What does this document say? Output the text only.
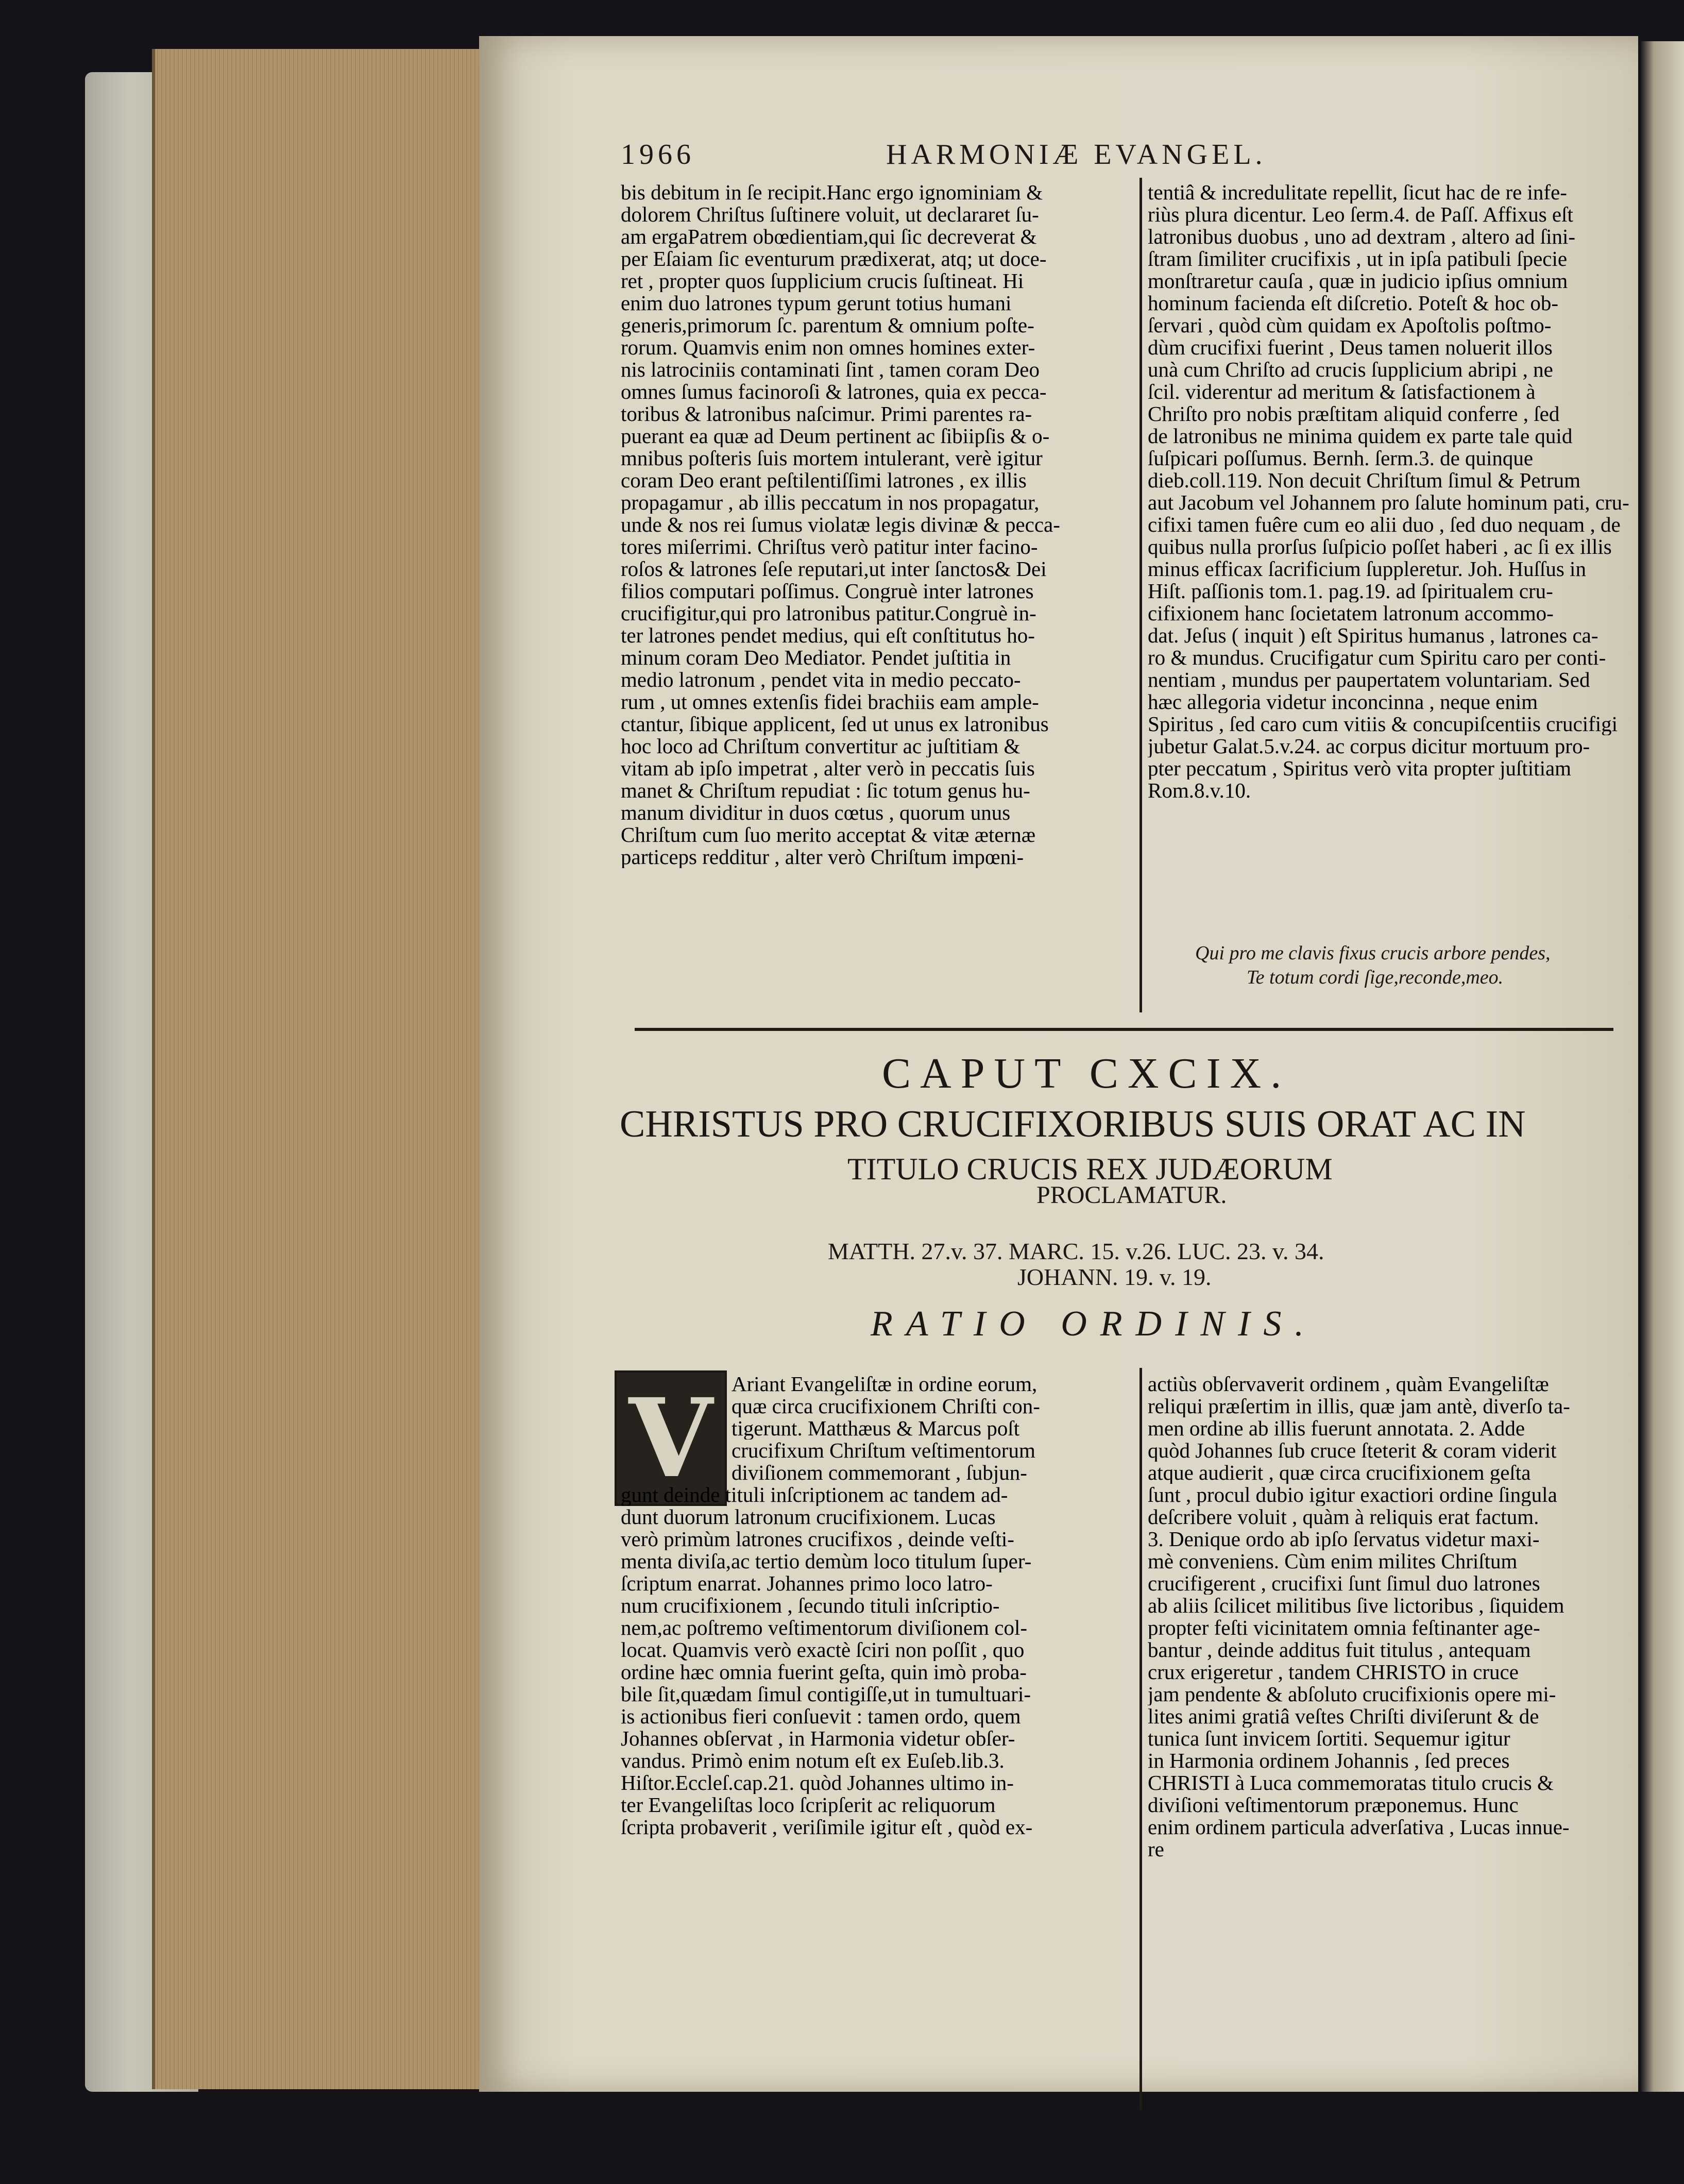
1966	HARMONIÆ EVANGEL.
bis debitum in ſe recipit.Hanc ergo ignominiam &
dolorem Chriſtus ſuſtinere voluit, ut declararet ſu-
am ergaPatrem obœdientiam,qui ſic decreverat &
per Eſaiam ſic eventurum prædixerat, atq; ut doce-
ret , propter quos ſupplicium crucis ſuſtineat. Hi
enim duo latrones typum gerunt totius humani
generis,primorum ſc. parentum & omnium poſte-
rorum. Quamvis enim non omnes homines exter-
nis latrociniis contaminati ſint , tamen coram Deo
omnes ſumus facinoroſi & latrones, quia ex pecca-
toribus & latronibus naſcimur. Primi parentes ra-
puerant ea quæ ad Deum pertinent ac ſibiipſis & o-
mnibus poſteris ſuis mortem intulerant, verè igitur
coram Deo erant peſtilentiſſimi latrones , ex illis
propagamur , ab illis peccatum in nos propagatur,
unde & nos rei ſumus violatæ legis divinæ & pecca-
tores miſerrimi. Chriſtus verò patitur inter facino-
roſos & latrones ſeſe reputari,ut inter ſanctos& Dei
filios computari poſſimus. Congruè inter latrones
crucifigitur,qui pro latronibus patitur.Congruè in-
ter latrones pendet medius, qui eſt conſtitutus ho-
minum coram Deo Mediator. Pendet juſtitia in
medio latronum , pendet vita in medio peccato-
rum , ut omnes extenſis fidei brachiis eam ample-
ctantur, ſibique applicent, ſed ut unus ex latronibus
hoc loco ad Chriſtum convertitur ac juſtitiam &
vitam ab ipſo impetrat , alter verò in peccatis ſuis
manet & Chriſtum repudiat : ſic totum genus hu-
manum dividitur in duos cœtus , quorum unus
Chriſtum cum ſuo merito acceptat & vitæ æternæ
particeps redditur , alter verò Chriſtum impœni-
tentiâ & incredulitate repellit, ſicut hac de re infe-
riùs plura dicentur. Leo ſerm.4. de Paſſ. Affixus eſt
latronibus duobus , uno ad dextram , altero ad ſini-
ſtram ſimiliter crucifixis , ut in ipſa patibuli ſpecie
monſtraretur cauſa , quæ in judicio ipſius omnium
hominum facienda eſt diſcretio. Poteſt & hoc ob-
ſervari , quòd cùm quidam ex Apoſtolis poſtmo-
dùm crucifixi fuerint , Deus tamen noluerit illos
unà cum Chriſto ad crucis ſupplicium abripi , ne
ſcil. viderentur ad meritum & ſatisfactionem à
Chriſto pro nobis præſtitam aliquid conferre , ſed
de latronibus ne minima quidem ex parte tale quid
ſuſpicari poſſumus. Bernh. ſerm.3. de quinque
dieb.coll.119. Non decuit Chriſtum ſimul & Petrum
aut Jacobum vel Johannem pro ſalute hominum pati, cru-
cifixi tamen fuêre cum eo alii duo , ſed duo nequam , de
quibus nulla prorſus ſuſpicio poſſet haberi , ac ſi ex illis
minus efficax ſacrificium ſuppleretur. Joh. Huſſus in
Hiſt. paſſionis tom.1. pag.19. ad ſpiritualem cru-
cifixionem hanc ſocietatem latronum accommo-
dat. Jeſus ( inquit ) eſt Spiritus humanus , latrones ca-
ro & mundus. Crucifigatur cum Spiritu caro per conti-
nentiam , mundus per paupertatem voluntariam. Sed
hæc allegoria videtur inconcinna , neque enim
Spiritus , ſed caro cum vitiis & concupiſcentiis crucifigi
jubetur Galat.5.v.24. ac corpus dicitur mortuum pro-
pter peccatum , Spiritus verò vita propter juſtitiam
Rom.8.v.10.
Qui pro me clavis fixus crucis arbore pendes,
Te totum cordi ſige,reconde,meo.
CAPUT CXCIX.
CHRISTUS PRO CRUCIFIXORIBUS SUIS ORAT AC IN
TITULO CRUCIS REX JUDÆORUM
PROCLAMATUR.
MATTH. 27.v. 37. MARC. 15. v.26. LUC. 23. v. 34.
JOHANN. 19. v. 19.
RATIO ORDINIS.
V Ariant Evangeliſtæ in ordine eorum,
quæ circa crucifixionem Chriſti con-
tigerunt. Matthæus & Marcus poſt
crucifixum Chriſtum veſtimentorum
diviſionem commemorant , ſubjun-
gunt deinde tituli inſcriptionem ac tandem ad-
dunt duorum latronum crucifixionem. Lucas
verò primùm latrones crucifixos , deinde veſti-
menta diviſa,ac tertio demùm loco titulum ſuper-
ſcriptum enarrat. Johannes primo loco latro-
num crucifixionem , ſecundo tituli inſcriptio-
nem,ac poſtremo veſtimentorum diviſionem col-
locat. Quamvis verò exactè ſciri non poſſit , quo
ordine hæc omnia fuerint geſta, quin imò proba-
bile ſit,quædam ſimul contigiſſe,ut in tumultuari-
is actionibus fieri conſuevit : tamen ordo, quem
Johannes obſervat , in Harmonia videtur obſer-
vandus. Primò enim notum eſt ex Euſeb.lib.3.
Hiſtor.Eccleſ.cap.21. quòd Johannes ultimo in-
ter Evangeliſtas loco ſcripſerit ac reliquorum
ſcripta probaverit , veriſimile igitur eſt , quòd ex-
actiùs obſervaverit ordinem , quàm Evangeliſtæ
reliqui præſertim in illis, quæ jam antè, diverſo ta-
men ordine ab illis fuerunt annotata. 2. Adde
quòd Johannes ſub cruce ſteterit & coram viderit
atque audierit , quæ circa crucifixionem geſta
ſunt , procul dubio igitur exactiori ordine ſingula
deſcribere voluit , quàm à reliquis erat factum.
3. Denique ordo ab ipſo ſervatus videtur maxi-
mè conveniens. Cùm enim milites Chriſtum
crucifigerent , crucifixi ſunt ſimul duo latrones
ab aliis ſcilicet militibus ſive lictoribus , ſiquidem
propter feſti vicinitatem omnia feſtinanter age-
bantur , deinde additus fuit titulus , antequam
crux erigeretur , tandem CHRISTO in cruce
jam pendente & abſoluto crucifixionis opere mi-
lites animi gratiâ veſtes Chriſti diviſerunt & de
tunica ſunt invicem ſortiti. Sequemur igitur
in Harmonia ordinem Johannis , ſed preces
CHRISTI à Luca commemoratas titulo crucis &
diviſioni veſtimentorum præponemus. Hunc
enim ordinem particula adverſativa , Lucas innue-
re
